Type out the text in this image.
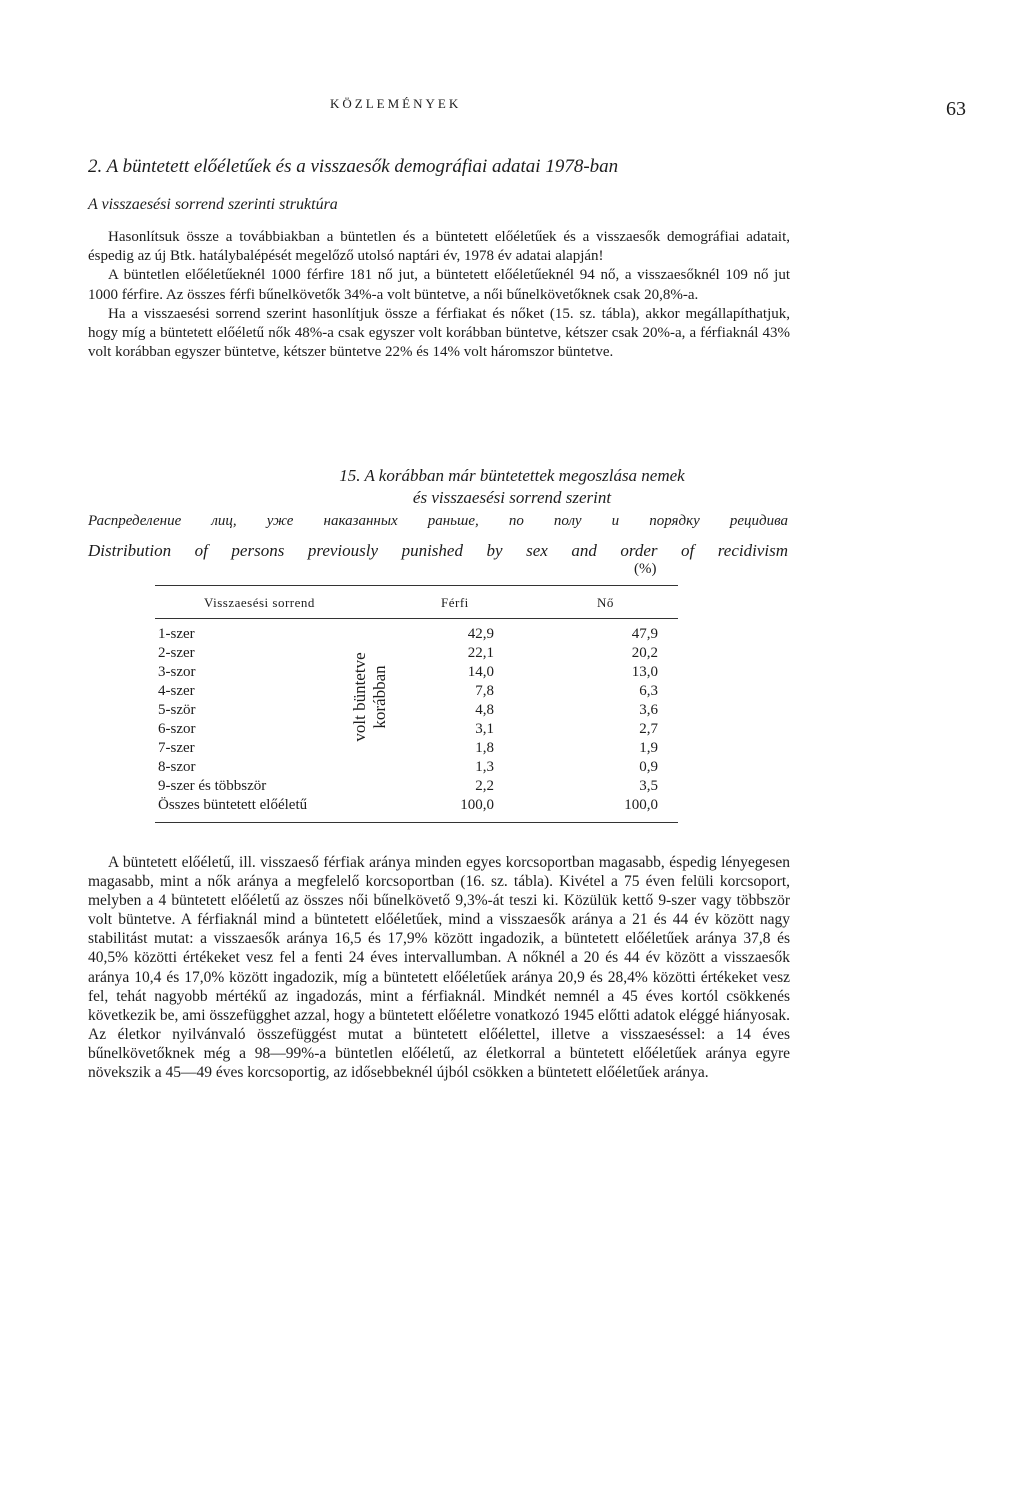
KÖZLEMÉNYEK	63
2. A büntetett előéletűek és a visszaesők demográfiai adatai 1978-ban
A visszaesési sorrend szerinti struktúra

Hasonlítsuk össze a továbbiakban a büntetlen és a büntetett előéletűek és a visszaesők demográfiai adatait, éspedig az új Btk. hatálybalépését megelőző utolsó naptári év, 1978 év adatai alapján!

A büntetlen előéletűeknél 1000 férfire 181 nő jut, a büntetett előéletűeknél 94 nő, a visszaesőknél 109 nő jut 1000 férfire. Az összes férfi bűnelkövetők 34%-a volt büntetve, a női bűnelkövetőknek csak 20,8%-a.

Ha a visszaesési sorrend szerint hasonlítjuk össze a férfiakat és nőket (15. sz. tábla), akkor megállapíthatjuk, hogy míg a büntetett előéletű nők 48%-a csak egyszer volt korábban büntetve, kétszer csak 20%-a, a férfiaknál 43% volt korábban egyszer büntetve, kétszer büntetve 22% és 14% volt háromszor büntetve.

15. A korábban már büntetettek megoszlása nemek
és visszaesési sorrend szerint
Распределение лиц, уже наказанных раньше, по полу и порядку рецидива
Distribution of persons previously punished by sex and order of recidivism
(%)
Visszaesési sorrend	Férfi	Nő
1-szer	42,9	47,9
2-szer	22,1	20,2
3-szor	14,0	13,0
4-szer	7,8	6,3
5-ször	4,8	3,6
6-szor	3,1	2,7
7-szer	1,8	1,9
8-szor	1,3	0,9
9-szer és többször	2,2	3,5
Összes büntetett előéletű	100,0	100,0
volt büntetve korábban

A büntetett előéletű, ill. visszaeső férfiak aránya minden egyes korcsoportban magasabb, éspedig lényegesen magasabb, mint a nők aránya a megfelelő korcsoportban (16. sz. tábla). Kivétel a 75 éven felüli korcsoport, melyben a 4 büntetett előéletű az összes női bűnelkövető 9,3%-át teszi ki. Közülük kettő 9-szer vagy többször volt büntetve. A férfiaknál mind a büntetett előéletűek, mind a visszaesők aránya a 21 és 44 év között nagy stabilitást mutat: a visszaesők aránya 16,5 és 17,9% között ingadozik, a büntetett előéletűek aránya 37,8 és 40,5% közötti értékeket vesz fel a fenti 24 éves intervallumban. A nőknél a 20 és 44 év között a visszaesők aránya 10,4 és 17,0% között ingadozik, míg a büntetett előéletűek aránya 20,9 és 28,4% közötti értékeket vesz fel, tehát nagyobb mértékű az ingadozás, mint a férfiaknál. Mindkét nemnél a 45 éves kortól csökkenés következik be, ami összefügghet azzal, hogy a büntetett előéletre vonatkozó 1945 előtti adatok eléggé hiányosak. Az életkor nyilvánvaló összefüggést mutat a büntetett előélettel, illetve a visszaeséssel: a 14 éves bűnelkövetőknek még a 98—99%-a büntetlen előéletű, az életkorral a büntetett előéletűek aránya egyre növekszik a 45—49 éves korcsoportig, az idősebbeknél újból csökken a büntetett előéletűek aránya.
